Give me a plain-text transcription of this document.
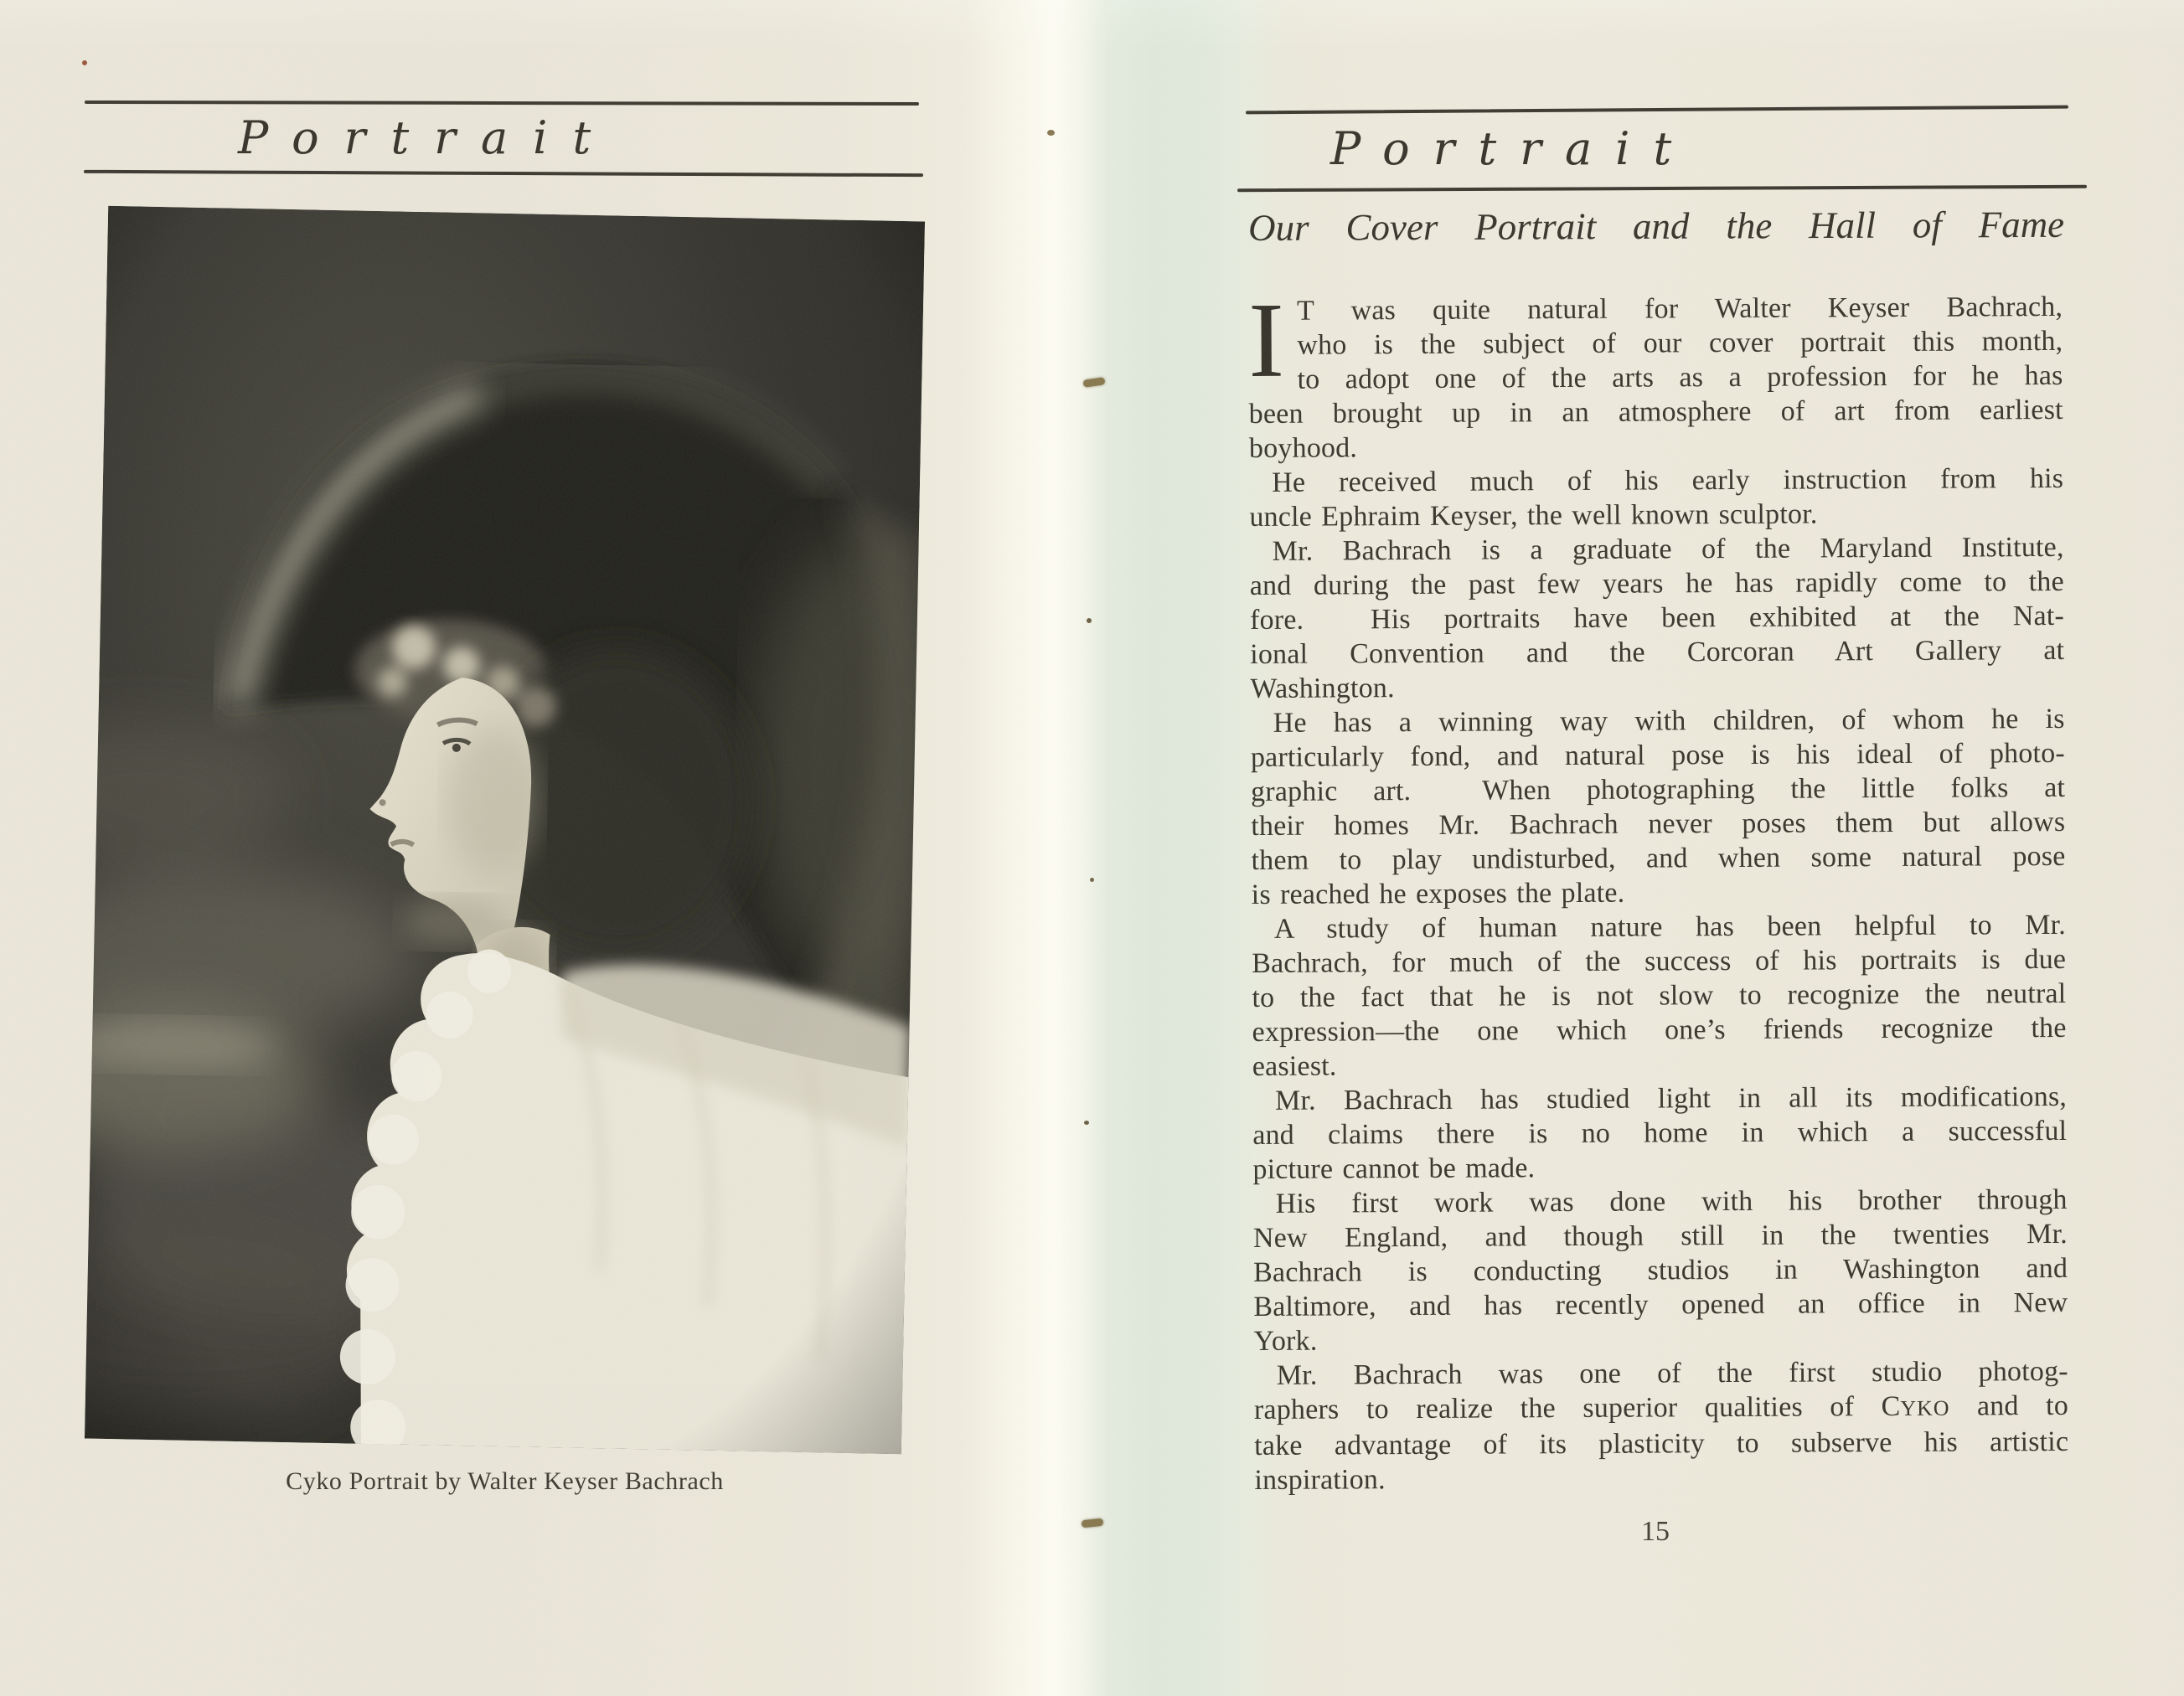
Portrait
Cyko Portrait by Walter Keyser Bachrach
Portrait
Our Cover Portrait and the Hall of Fame
I T was quite natural for Walter Keyser Bachrach,
who is the subject of our cover portrait this month,
to adopt one of the arts as a profession for he has
been brought up in an atmosphere of art from earliest
boyhood.
He received much of his early instruction from his
uncle Ephraim Keyser, the well known sculptor.
Mr. Bachrach is a graduate of the Maryland Institute,
and during the past few years he has rapidly come to the
fore.  His portraits have been exhibited at the Nat-
ional Convention and the Corcoran Art Gallery at
Washington.
He has a winning way with children, of whom he is
particularly fond, and natural pose is his ideal of photo-
graphic art.  When photographing the little folks at
their homes Mr. Bachrach never poses them but allows
them to play undisturbed, and when some natural pose
is reached he exposes the plate.
A study of human nature has been helpful to Mr.
Bachrach, for much of the success of his portraits is due
to the fact that he is not slow to recognize the neutral
expression—the one which one’s friends recognize the
easiest.
Mr. Bachrach has studied light in all its modifications,
and claims there is no home in which a successful
picture cannot be made.
His first work was done with his brother through
New England, and though still in the twenties Mr.
Bachrach is conducting studios in Washington and
Baltimore, and has recently opened an office in New
York.
Mr. Bachrach was one of the first studio photog-
raphers to realize the superior qualities of CYKO and to
take advantage of its plasticity to subserve his artistic
inspiration.
15
